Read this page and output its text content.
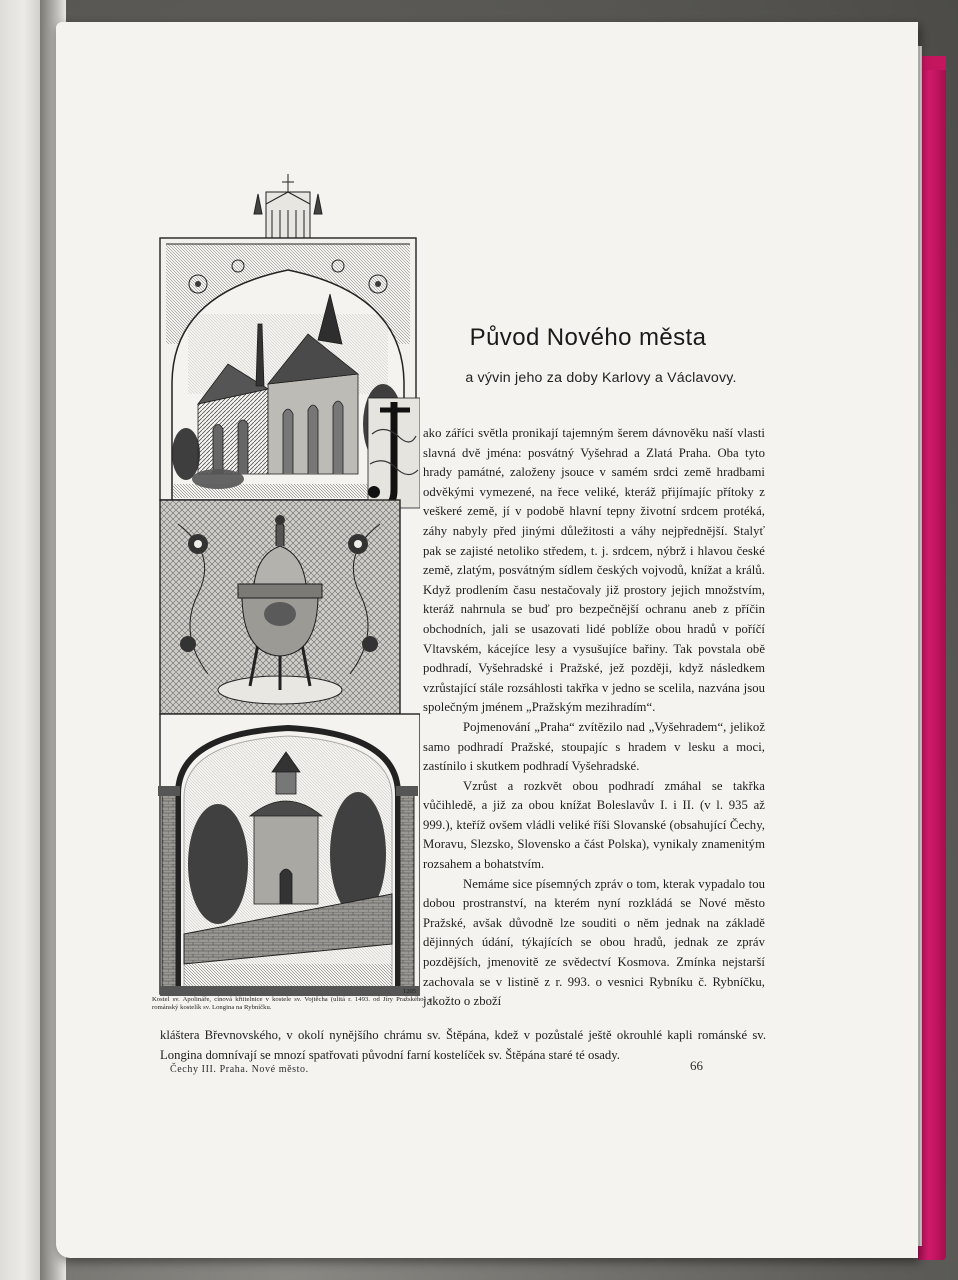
1205
Kostel sv. Apolináře, cínová křtitelnice v kostele sv. Vojtěcha (ulitá r. 1493. od Jíry Pražského) a románský kostelík sv. Longina na Rybníčku.
Původ Nového města
a vývin jeho za doby Karlovy a Václavovy.

ako záříci světla pronikají tajemným šerem dávnověku naší vlasti slavná dvě jména: posvátný Vyšehrad a Zlatá Praha. Oba tyto hrady památné, založeny jsouce v samém srdci země hradbami odvěkými vymezené, na řece veliké, kteráž přijímajíc přítoky z veškeré země, jí v podobě hlavní tepny životní srdcem protéká, záhy nabyly před jinými důležitosti a váhy nejpřednější. Stalyť pak se zajisté netoliko středem, t. j. srdcem, nýbrž i hlavou české země, zlatým, posvátným sídlem českých vojvodů, knížat a králů. Když prodlením času nestačovaly již prostory jejich množstvím, kteráž nahrnula se buď pro bezpečnější ochranu aneb z příčin obchodních, jali se usazovati lidé poblíže obou hradů v poříčí Vltavském, kácejíce lesy a vysušujíce bařiny. Tak povstala obě podhradí, Vyšehradské i Pražské, jež později, když následkem vzrůstající stále rozsáhlosti takřka v jedno se scelila, nazvána jsou společným jménem „Pražským mezihradím“.

Pojmenování „Praha“ zvítězilo nad „Vyšehradem“, jelikož samo podhradí Pražské, stoupajíc s hradem v lesku a moci, zastínilo i skutkem podhradí Vyšehradské.

Vzrůst a rozkvět obou podhradí zmáhal se takřka vůčihledě, a již za obou knížat Boleslavův I. i II. (v l. 935 až 999.), kteříž ovšem vládli veliké říši Slovanské (obsahující Čechy, Moravu, Slezsko, Slovensko a část Polska), vynikaly znamenitým rozsahem a bohatstvím.

Nemáme sice písemných zpráv o tom, kterak vypadalo tou dobou prostranství, na kterém nyní rozkládá se Nové město Pražské, avšak důvodně lze souditi o něm jednak na základě dějinných údání, týkajících se obou hradů, jednak ze zpráv pozdějších, jmenovitě ze svědectví Kosmova. Zmínka nejstarší zachovala se v listině z r. 993. o vesnici Rybníku č. Rybníčku, jakožto o zboží

kláštera Břevnovského, v okolí nynějšího chrámu sv. Štěpána, kdež v pozůstalé ještě okrouhlé kapli románské sv. Longina domnívají se mnozí spatřovati původní farní kostelíček sv. Štěpána staré té osady.
Čechy III. Praha. Nové město.	66
